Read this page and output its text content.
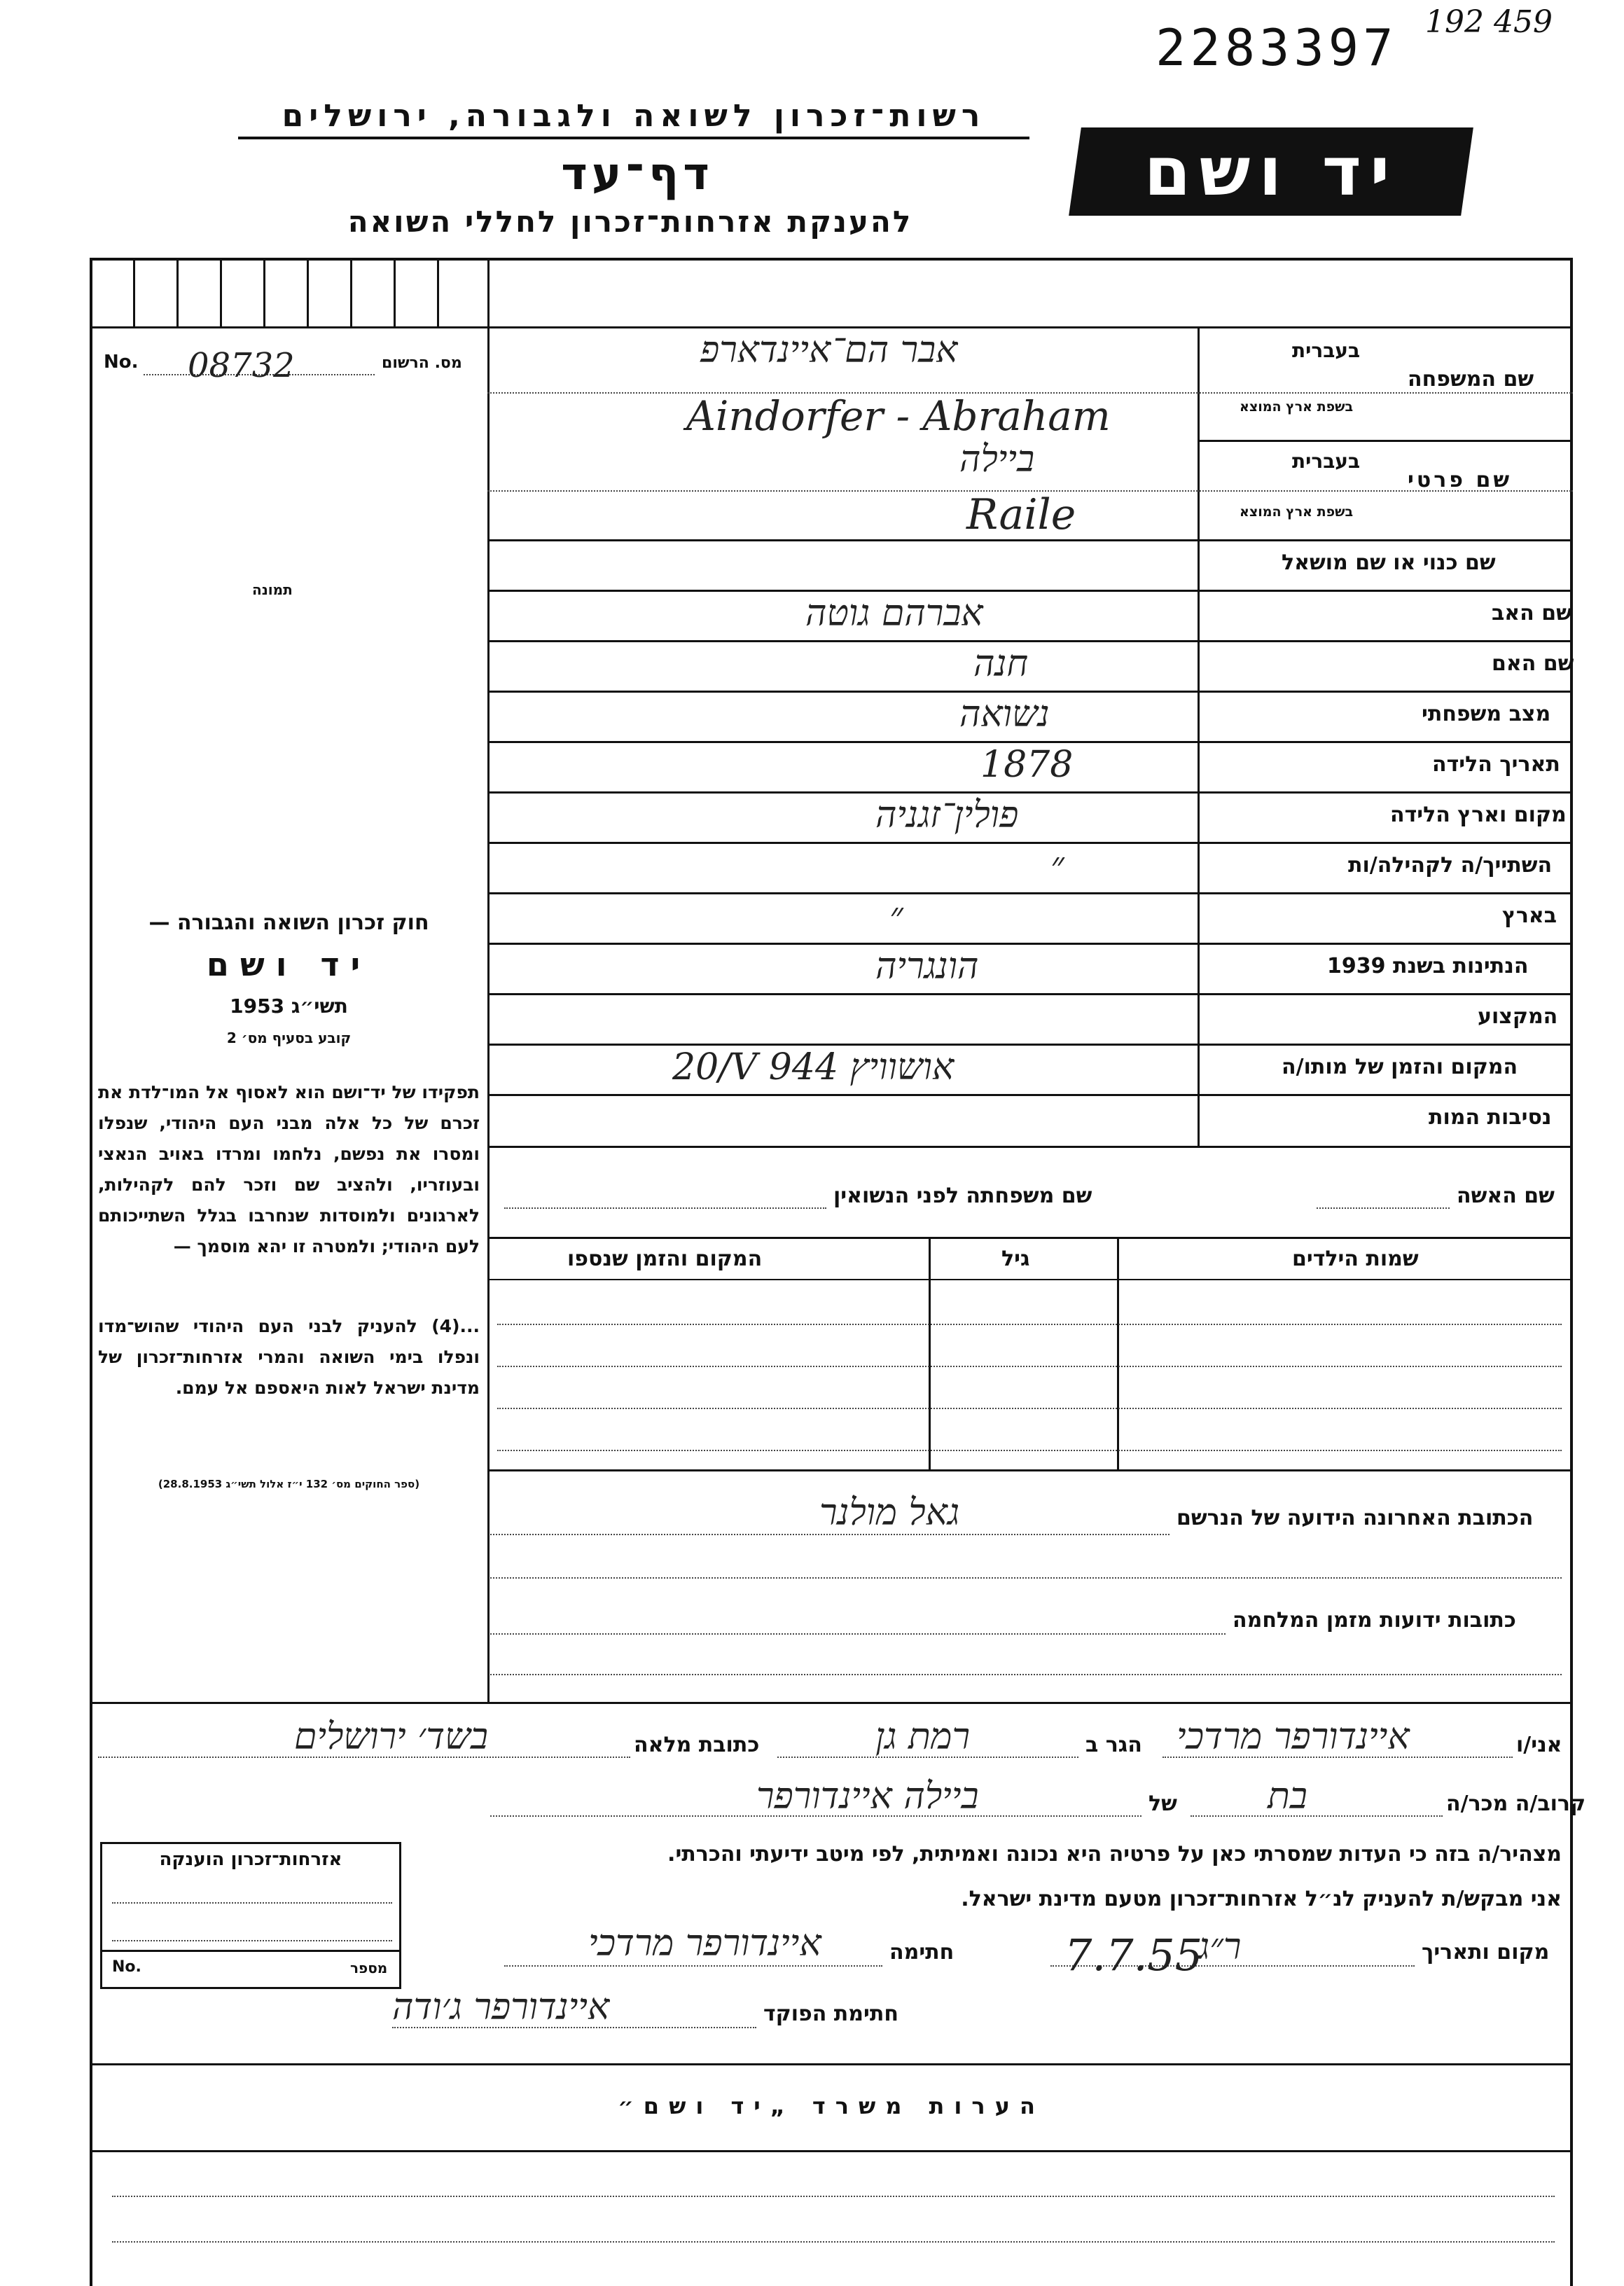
192 459
2283397
רשות־זכרון לשואה ולגבורה, ירושלים
דף־עד
להענקת אזרחות־זכרון לחללי השואה
יד ושם
No. 08732	מס. הרשום
תמונה
חוק זכרון השואה והגבורה —
יד ושם
תשי״ג 1953
קובע בסעיף מס׳ 2
תפקידו של יד־ושם הוא לאסוף אל המו־לדת את זכרם של כל אלה מבני העם היהודי, שנפלו ומסרו את נפשם, נלחמו ומרדו באויב הנאצי ובעוזריו, ולהציב שם וזכר להם לקהילות, לארגונים ולמוסדות שנחרבו בגלל השתייכותם לעם היהודי; ולמטרה זו יהא מוסמך —
...(4) להעניק לבני העם היהודי שהוש־מדו ונפלו בימי השואה והמרי אזרחות־זכרון של מדינת ישראל לאות היאספם אל עמם.
(ספר החוקים מס׳ 132 י״ז אלול תשי״ג 28.8.1953)
בעברית
בשפת ארץ המוצא
שם המשפחה
בעברית
בשפת ארץ המוצא
שם פרטי
שם כנוי או שם מושאל
שם האב
שם האם
מצב משפחתי
תאריך הלידה
מקום וארץ הלידה
השתייך/ה לקהילה/ות
בארץ
הנתינות בשנת 1939
המקצוע
המקום והזמן של מותו/ה
נסיבות המות
אבר הם־איינדארפ
Aindorfer - Abraham
ביילה
Raile
אברהם גוטה
חנה
נשואה
1878
פולין־זגניה
״
״
הונגריה
20/V 944 אושוויץ
שם האשה
שם משפחתה לפני הנשואין
שמות הילדים
גיל
המקום והזמן שנספו
הכתובת האחרונה הידועה של הנרשם
גאל מולנר
כתובות ידועות מזמן המלחמה
אני/ו
איינדורפר מרדכי
הגר ב
רמת גן
כתובת מלאה
בשד׳ ירושלים
קרוב/ה מכר/ה
בת
של
ביילה איינדורפר
מצהיר/ה בזה כי העדות שמסרתי כאן על פרטיה היא נכונה ואמיתית, לפי מיטב ידיעתי והכרתי.
אני מבקש/ת להעניק לנ״ל אזרחות־זכרון מטעם מדינת ישראל.
מקום ותאריך
ר״ג
7.7.55
חתימה
איינדורפר מרדכי
חתימת הפוקד
איינדורפר ג׳ודה
אזרחות־זכרון הוענקה
No.	מספר
הערות משרד „יד ושם״
